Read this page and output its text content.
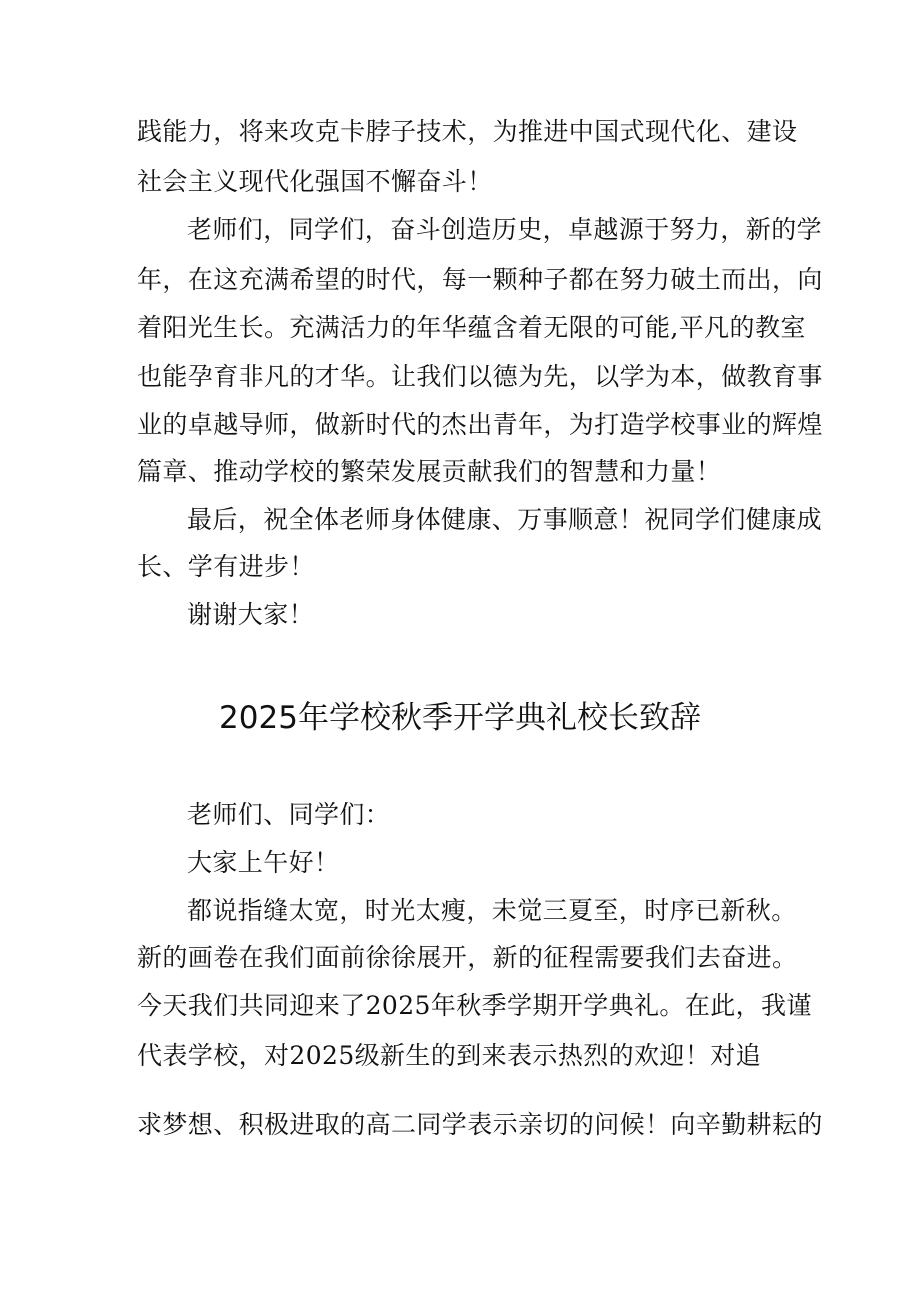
践能力，将来攻克卡脖子技术，为推进中国式现代化、建设
社会主义现代化强国不懈奋斗！
老师们，同学们，奋斗创造历史，卓越源于努力，新的学
年，在这充满希望的时代，每一颗种子都在努力破土而出，向
着阳光生长。充满活力的年华蕴含着无限的可能,平凡的教室
也能孕育非凡的才华。让我们以德为先，以学为本，做教育事
业的卓越导师，做新时代的杰出青年，为打造学校事业的辉煌
篇章、推动学校的繁荣发展贡献我们的智慧和力量！
最后，祝全体老师身体健康、万事顺意！祝同学们健康成
长、学有进步！
谢谢大家！
2025年学校秋季开学典礼校长致辞
老师们、同学们：
大家上午好！
都说指缝太宽，时光太瘦，未觉三夏至，时序已新秋。
新的画卷在我们面前徐徐展开，新的征程需要我们去奋进。
今天我们共同迎来了2025年秋季学期开学典礼。在此，我谨
代表学校，对2025级新生的到来表示热烈的欢迎！对追
求梦想、积极进取的高二同学表示亲切的问候！向辛勤耕耘的
